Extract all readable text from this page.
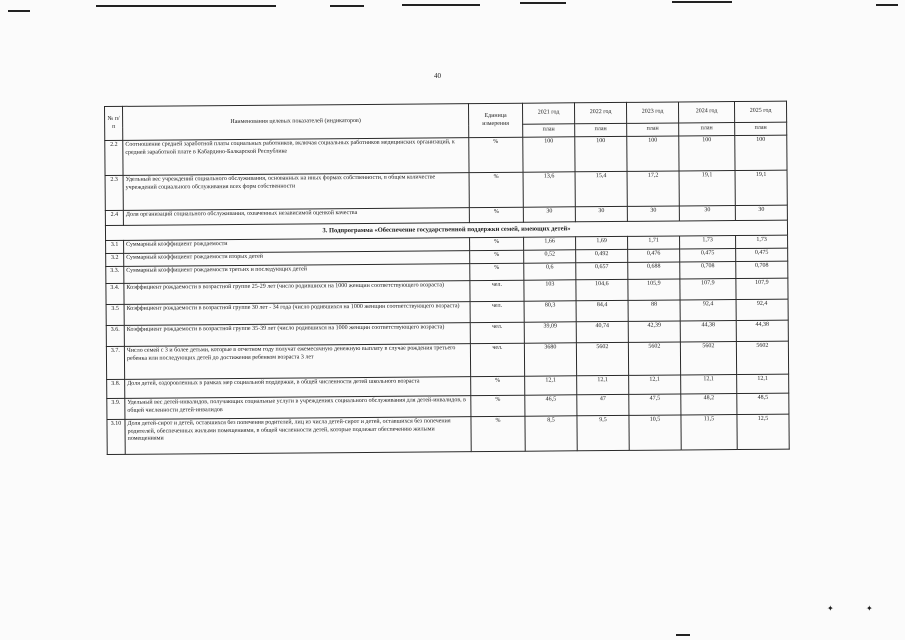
40
№ п/п	Наименования целевых показателей (индикаторов)	Единица измерения	2021 год	2022 год	2023 год	2024 год	2025 год
			план	план	план	план	план
2.2	Соотношение средней заработной платы социальных работников, включая социальных работников медицинских организаций, к средней заработной плате в Кабардино-Балкарской Республике	%	100	100	100	100	100
2.3	Удельный вес учреждений социального обслуживания, основанных на иных формах собственности, в общем количестве учреждений социального обслуживания всех форм собственности	%	13,6	15,4	17,2	19,1	19,1
2.4	Доля организаций социального обслуживания, охваченных независимой оценкой качества	%	30	30	30	30	30
3. Подпрограмма «Обеспечение государственной поддержки семей, имеющих детей»							
3.1	Суммарный коэффициент рождаемости	%	1,66	1,69	1,71	1,73	1,73
3.2	Суммарный коэффициент рождаемости вторых детей	%	0,52	0,492	0,476	0,475	0,475
3.3.	Суммарный коэффициент рождаемости третьих и последующих детей	%	0,6	0,657	0,688	0,708	0,708
3.4.	Коэффициент рождаемости в возрастной группе 25-29 лет (число родившихся на 1000 женщин соответствующего возраста)	чел.	103	104,6	105,9	107,9	107,9
3.5	Коэффициент рождаемости в возрастной группе 30 лет - 34 года (число родившихся на 1000 женщин соответствующего возраста)	чел.	80,3	84,4	88	92,4	92,4
3.6.	Коэффициент рождаемости в возрастной группе 35-39 лет (число родившихся на 1000 женщин соответствующего возраста)	чел.	39,09	40,74	42,39	44,38	44,38
3.7.	Число семей с 3 и более детьми, которые в отчетном году получат ежемесячную денежную выплату в случае рождения третьего ребенка или последующих детей до достижения ребенком возраста 3 лет	чел.	3680	5602	5602	5602	5602
3.8.	Доля детей, оздоровленных в рамках мер социальной поддержки, в общей численности детей школьного возраста	%	12,1	12,1	12,1	12,1	12,1
3.9.	Удельный вес детей-инвалидов, получающих социальные услуги в учреждениях социального обслуживания для детей-инвалидов, в общей численности детей-инвалидов	%	46,5	47	47,5	48,2	48,5
3.10	Доля детей-сирот и детей, оставшихся без попечения родителей, лиц из числа детей-сирот и детей, оставшихся без попечения родителей, обеспеченных жилыми помещениями, в общей численности детей, которые подлежат обеспечению жилыми помещениями	%	8,5	9,5	10,5	11,5	12,5
✦	✦
